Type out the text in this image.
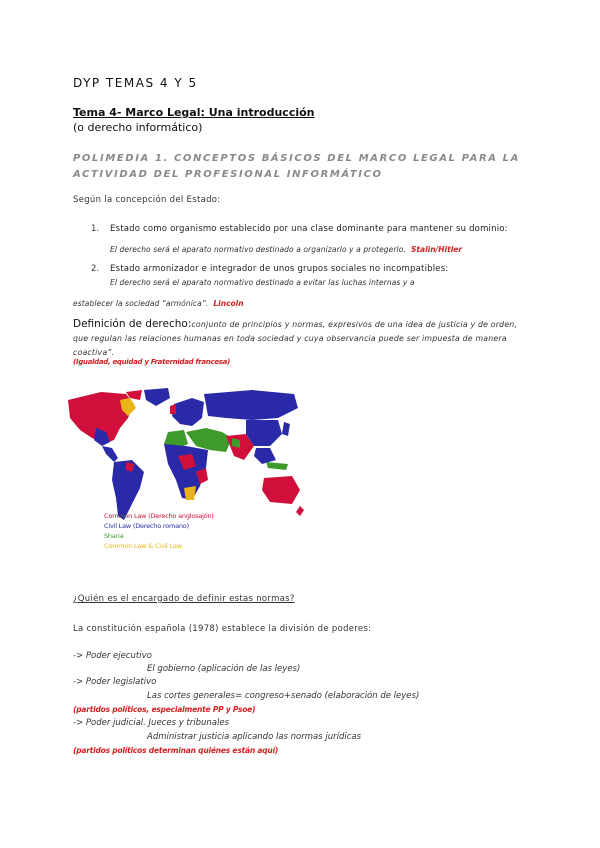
DYP TEMAS 4 Y 5
Tema 4- Marco Legal: Una introducción
(o derecho informático)
POLIMEDIA 1. CONCEPTOS BÁSICOS DEL MARCO LEGAL PARA LA ACTIVIDAD DEL PROFESIONAL INFORMÁTICO
Según la concepción del Estado:
1. Estado como organismo establecido por una clase dominante para mantener su dominio:
El derecho será el aparato normativo destinado a organizarlo y a protegerlo. Stalin/Hitler
2. Estado armonizador e integrador de unos grupos sociales no incompatibles:
El derecho será el aparato normativo destinado a evitar las luchas internas y a
establecer la sociedad “armónica”. Lincoln
Definición de derecho:conjunto de principios y normas, expresivos de una idea de justicia y de orden, que regulan las relaciones humanas en toda sociedad y cuya observancia puede ser impuesta de manera coactiva”.
(Igualdad, equidad y Fraternidad francesa)
Common Law (Derecho anglosajón)
Civil Law (Derecho romano)
Sharia
Common Law & Civil Law
¿Quién es el encargado de definir estas normas?
La constitución española (1978) establece la división de poderes:
-> Poder ejecutivo
El gobierno (aplicación de las leyes)
-> Poder legislativo
Las cortes generales= congreso+senado (elaboración de leyes)
(partidos políticos, especialmente PP y Psoe)
-> Poder judicial. Jueces y tribunales
Administrar justicia aplicando las normas jurídicas
(partidos políticos determinan quiénes están aquí)
